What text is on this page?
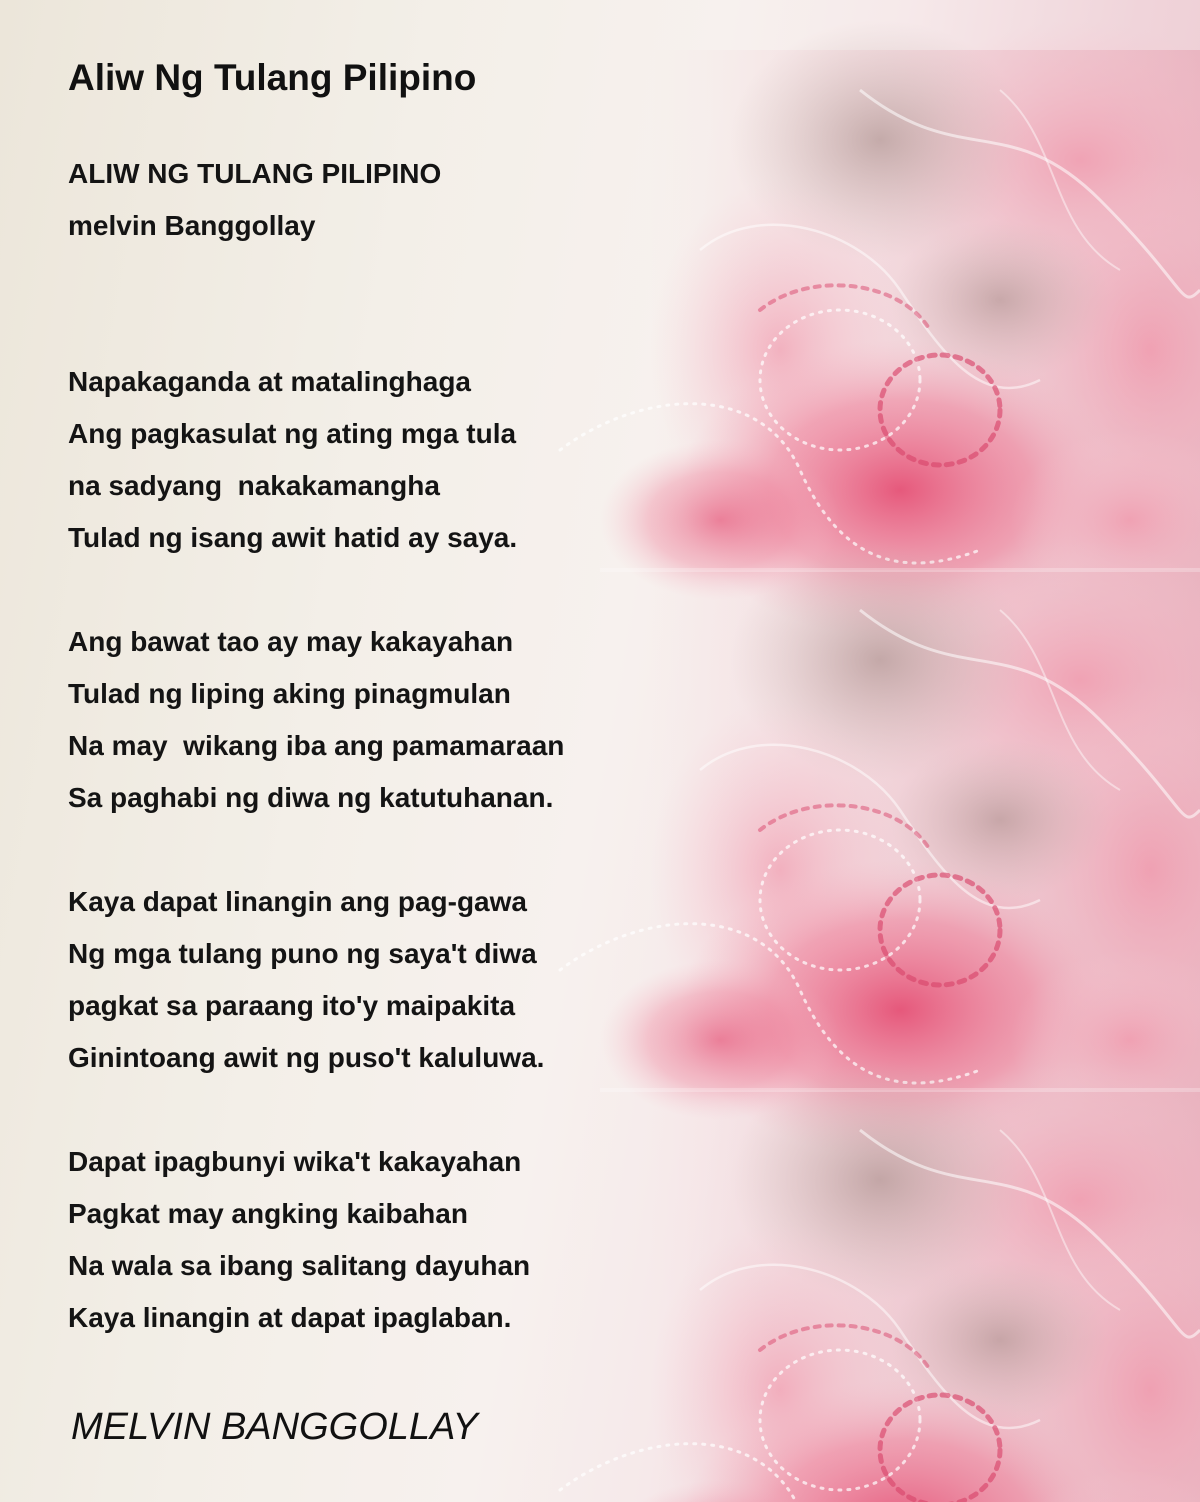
Aliw Ng Tulang Pilipino

ALIW NG TULANG PILIPINO

melvin Banggollay

Napakaganda at matalinghaga

Ang pagkasulat ng ating mga tula

na sadyang  nakakamangha

Tulad ng isang awit hatid ay saya.

Ang bawat tao ay may kakayahan

Tulad ng liping aking pinagmulan

Na may  wikang iba ang pamamaraan

Sa paghabi ng diwa ng katutuhanan.

Kaya dapat linangin ang pag-gawa

Ng mga tulang puno ng saya't diwa

pagkat sa paraang ito'y maipakita

Ginintoang awit ng puso't kaluluwa.

Dapat ipagbunyi wika't kakayahan

Pagkat may angking kaibahan

Na wala sa ibang salitang dayuhan

Kaya linangin at dapat ipaglaban.

MELVIN BANGGOLLAY
